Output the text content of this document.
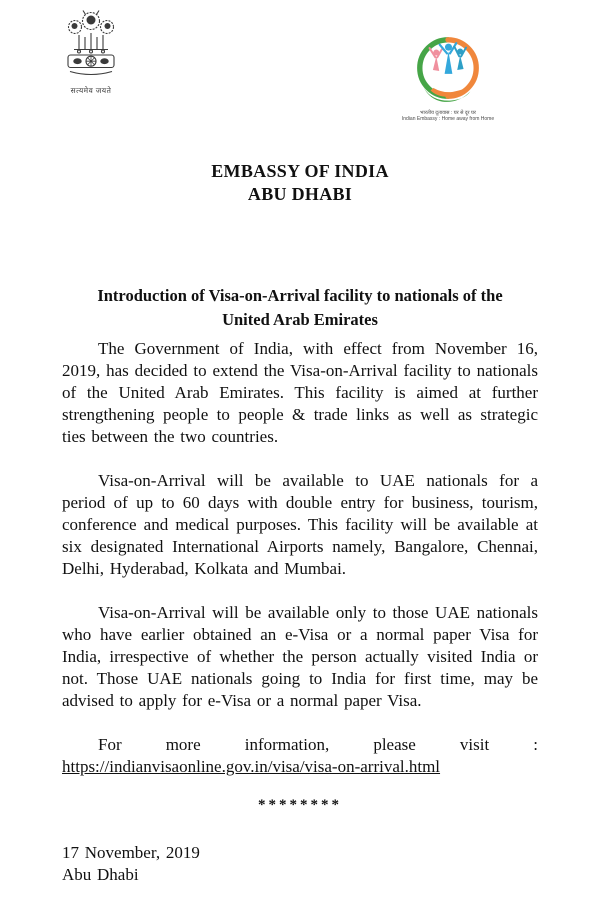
सत्यमेव जयते
भारतीय दूतावास : घर से दूर घर
Indian Embassy : Home away from Home
EMBASSY OF INDIA
ABU DHABI
Introduction of Visa-on-Arrival facility to nationals of the
United Arab Emirates

The Government of India, with effect from November 16, 2019, has decided to extend the Visa-on-Arrival facility to nationals of the United Arab Emirates. This facility is aimed at further strengthening people to people & trade links as well as strategic ties between the two countries.

Visa-on-Arrival will be available to UAE nationals for a period of up to 60 days with double entry for business, tourism, conference and medical purposes. This facility will be available at six designated International Airports namely, Bangalore, Chennai, Delhi, Hyderabad, Kolkata and Mumbai.

Visa-on-Arrival will be available only to those UAE nationals who have earlier obtained an e-Visa or a normal paper Visa for India, irrespective of whether the person actually visited India or not. Those UAE nationals going to India for first time, may be advised to apply for e-Visa or a normal paper Visa.

For more information, please visit :
https://indianvisaonline.gov.in/visa/visa-on-arrival.html
********
17 November, 2019
Abu Dhabi
